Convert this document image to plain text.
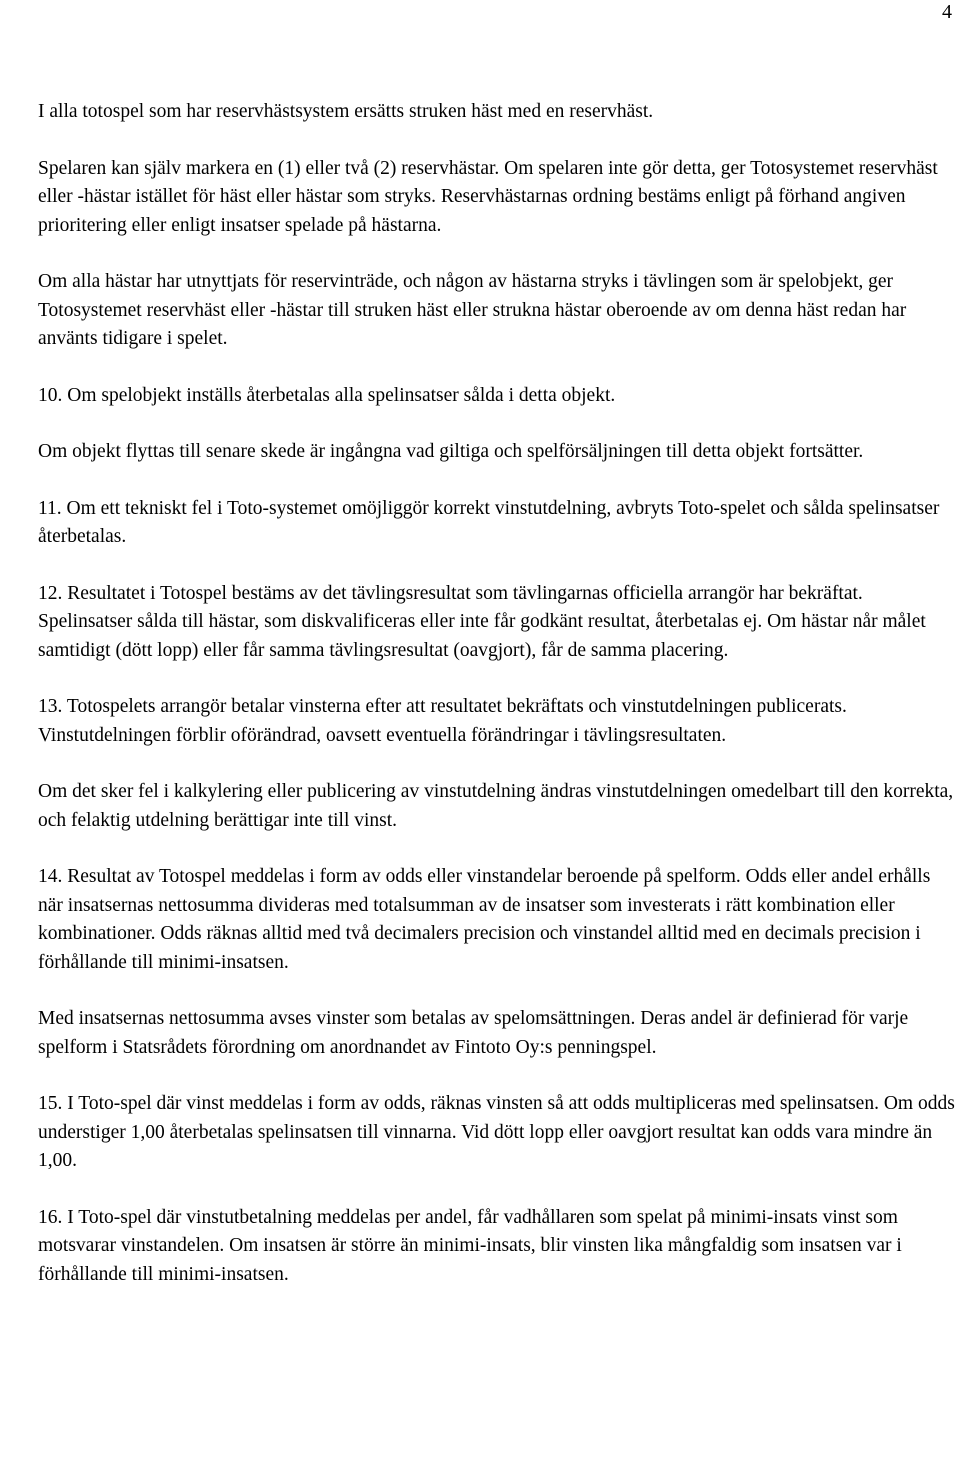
4

I alla totospel som har reservhästsystem ersätts struken häst med en reservhäst.

Spelaren kan själv markera en (1) eller två (2) reservhästar. Om spelaren inte gör detta, ger Totosystemet reservhäst eller -hästar istället för häst eller hästar som stryks. Reservhästarnas ordning bestäms enligt på förhand angiven prioritering eller enligt insatser spelade på hästarna.

Om alla hästar har utnyttjats för reservinträde, och någon av hästarna stryks i tävlingen som är spelobjekt, ger Totosystemet reservhäst eller -hästar till struken häst eller strukna hästar oberoende av om denna häst redan har använts tidigare i spelet.

10. Om spelobjekt inställs återbetalas alla spelinsatser sålda i detta objekt.

Om objekt flyttas till senare skede är ingångna vad giltiga och spelförsäljningen till detta objekt fortsätter.

11. Om ett tekniskt fel i Toto-systemet omöjliggör korrekt vinstutdelning, avbryts Toto-spelet och sålda spelinsatser återbetalas.

12. Resultatet i Totospel bestäms av det tävlingsresultat som tävlingarnas officiella arrangör har bekräftat. Spelinsatser sålda till hästar, som diskvalificeras eller inte får godkänt resultat, återbetalas ej. Om hästar når målet samtidigt (dött lopp) eller får samma tävlingsresultat (oavgjort), får de samma placering.

13. Totospelets arrangör betalar vinsterna efter att resultatet bekräftats och vinstutdelningen publicerats. Vinstutdelningen förblir oförändrad, oavsett eventuella förändringar i tävlingsresultaten.

Om det sker fel i kalkylering eller publicering av vinstutdelning ändras vinstutdelningen omedelbart till den korrekta, och felaktig utdelning berättigar inte till vinst.

14. Resultat av Totospel meddelas i form av odds eller vinstandelar beroende på spelform. Odds eller andel erhålls när insatsernas nettosumma divideras med totalsumman av de insatser som investerats i rätt kombination eller kombinationer. Odds räknas alltid med två decimalers precision och vinstandel alltid med en decimals precision i förhållande till minimi-insatsen.

Med insatsernas nettosumma avses vinster som betalas av spelomsättningen. Deras andel är definierad för varje spelform i Statsrådets förordning om anordnandet av Fintoto Oy:s penningspel.

15. I Toto-spel där vinst meddelas i form av odds, räknas vinsten så att odds multipliceras med spelinsatsen. Om odds understiger 1,00 återbetalas spelinsatsen till vinnarna. Vid dött lopp eller oavgjort resultat kan odds vara mindre än 1,00.

16. I Toto-spel där vinstutbetalning meddelas per andel, får vadhållaren som spelat på minimi-insats vinst som motsvarar vinstandelen. Om insatsen är större än minimi-insats, blir vinsten lika mångfaldig som insatsen var i förhållande till minimi-insatsen.
